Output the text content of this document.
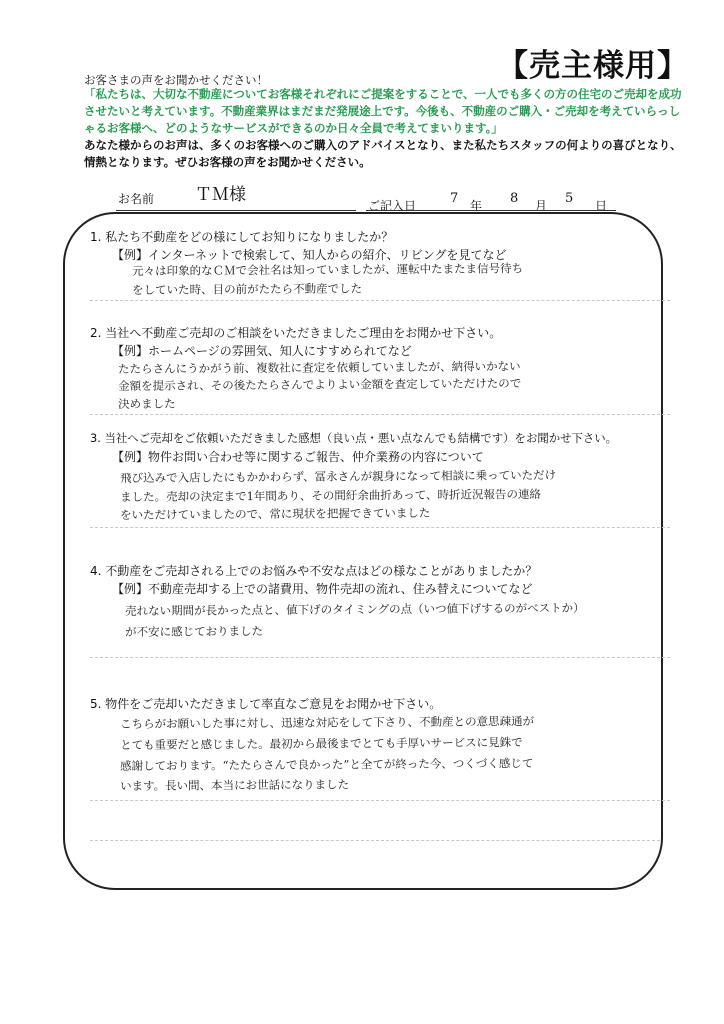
【売主様用】
お客さまの声をお聞かせください！
「私たちは、大切な不動産についてお客様それぞれにご提案をすることで、一人でも多くの方の住宅のご売却を成功させたいと考えています。不動産業界はまだまだ発展途上です。今後も、不動産のご購入・ご売却を考えていらっしゃるお客様へ、どのようなサービスができるのか日々全員で考えてまいります。」
あなた様からのお声は、多くのお客様へのご購入のアドバイスとなり、また私たちスタッフの何よりの喜びとなり、情熱となります。ぜひお客様の声をお聞かせください。
お名前 ＴＭ様
ご記入日	7 年 8 月 5 日
1. 私たち不動産をどの様にしてお知りになりましたか？
【例】インターネットで検索して、知人からの紹介、リビングを見てなど
元々は印象的なＣＭで会社名は知っていましたが、運転中たまたま信号待ち
をしていた時、目の前がたたら不動産でした
2. 当社へ不動産ご売却のご相談をいただきましたご理由をお聞かせ下さい。
【例】ホームページの雰囲気、知人にすすめられてなど
たたらさんにうかがう前、複数社に査定を依頼していましたが、納得いかない
金額を提示され、その後たたらさんでよりよい金額を査定していただけたので
決めました
3. 当社へご売却をご依頼いただきました感想（良い点・悪い点なんでも結構です）をお聞かせ下さい。
【例】物件お問い合わせ等に関するご報告、仲介業務の内容について
飛び込みで入店したにもかかわらず、冨永さんが親身になって相談に乗っていただけ
ました。売却の決定まで1年間あり、その間紆余曲折あって、時折近況報告の連絡
をいただけていましたので、常に現状を把握できていました
4. 不動産をご売却される上でのお悩みや不安な点はどの様なことがありましたか？
【例】不動産売却する上での諸費用、物件売却の流れ、住み替えについてなど
売れない期間が長かった点と、値下げのタイミングの点（いつ値下げするのがベストか）
が不安に感じておりました
5. 物件をご売却いただきまして率直なご意見をお聞かせ下さい。
こちらがお願いした事に対し、迅速な対応をして下さり、不動産との意思疎通が
とても重要だと感じました。最初から最後までとても手厚いサービスに見銖で
感謝しております。“たたらさんで良かった”と全てが終った今、つくづく感じて
います。長い間、本当にお世話になりました
